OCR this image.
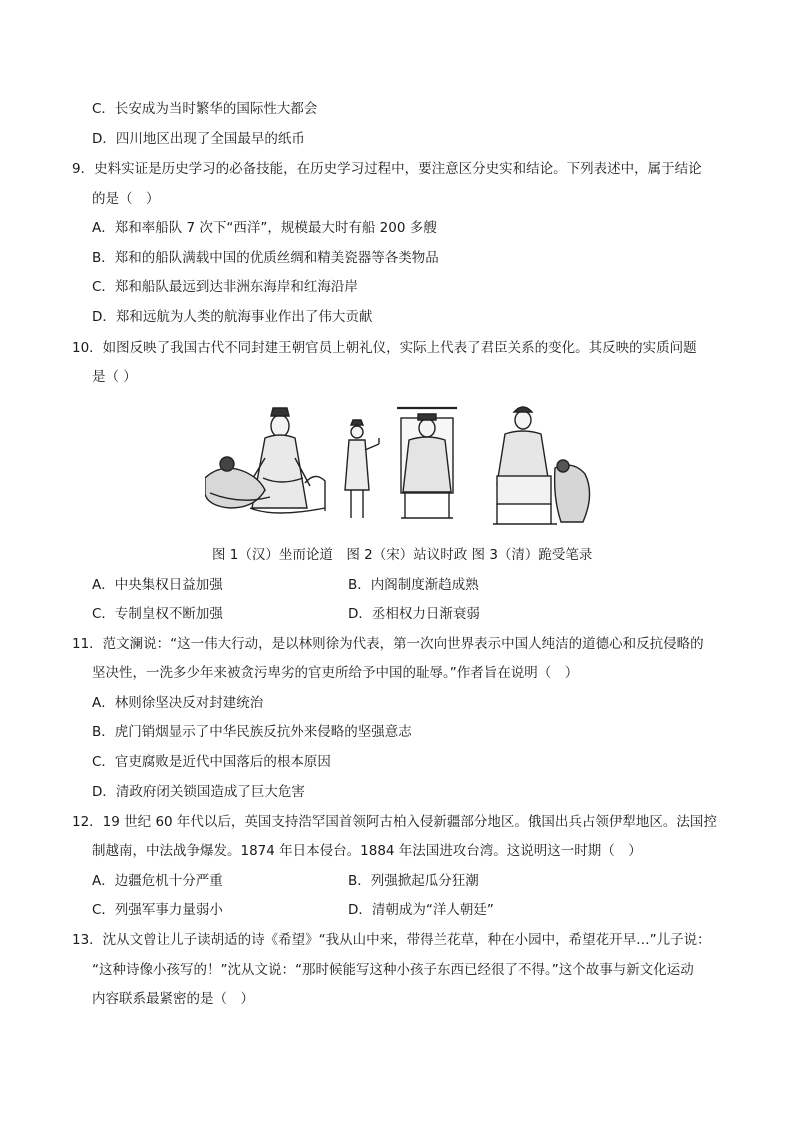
C．长安成为当时繁华的国际性大都会
D．四川地区出现了全国最早的纸币
9．史料实证是历史学习的必备技能，在历史学习过程中，要注意区分史实和结论。下列表述中，属于结论
的是（　）
A．郑和率船队 7 次下“西洋”，规模最大时有船 200 多艘
B．郑和的船队满载中国的优质丝绸和精美瓷器等各类物品
C．郑和船队最远到达非洲东海岸和红海沿岸
D．郑和远航为人类的航海事业作出了伟大贡献
10．如图反映了我国古代不同封建王朝官员上朝礼仪，实际上代表了君臣关系的变化。其反映的实质问题
是（ ）
图 1（汉）坐而论道　图 2（宋）站议时政 图 3（清）跪受笔录
A．中央集权日益加强	B．内阁制度渐趋成熟
C．专制皇权不断加强	D．丞相权力日渐衰弱
11．范文澜说：“这一伟大行动，是以林则徐为代表，第一次向世界表示中国人纯洁的道德心和反抗侵略的
坚决性，一洗多少年来被贪污卑劣的官吏所给予中国的耻辱。”作者旨在说明（　）
A．林则徐坚决反对封建统治
B．虎门销烟显示了中华民族反抗外来侵略的坚强意志
C．官吏腐败是近代中国落后的根本原因
D．清政府闭关锁国造成了巨大危害
12．19 世纪 60 年代以后，英国支持浩罕国首领阿古柏入侵新疆部分地区。俄国出兵占领伊犁地区。法国控
制越南，中法战争爆发。1874 年日本侵台。1884 年法国进攻台湾。这说明这一时期（　）
A．边疆危机十分严重	B．列强掀起瓜分狂潮
C．列强军事力量弱小	D．清朝成为“洋人朝廷”
13．沈从文曾让儿子读胡适的诗《希望》“我从山中来，带得兰花草，种在小园中，希望花开早…”儿子说：
“这种诗像小孩写的！”沈从文说：“那时候能写这种小孩子东西已经很了不得。”这个故事与新文化运动
内容联系最紧密的是（　）
